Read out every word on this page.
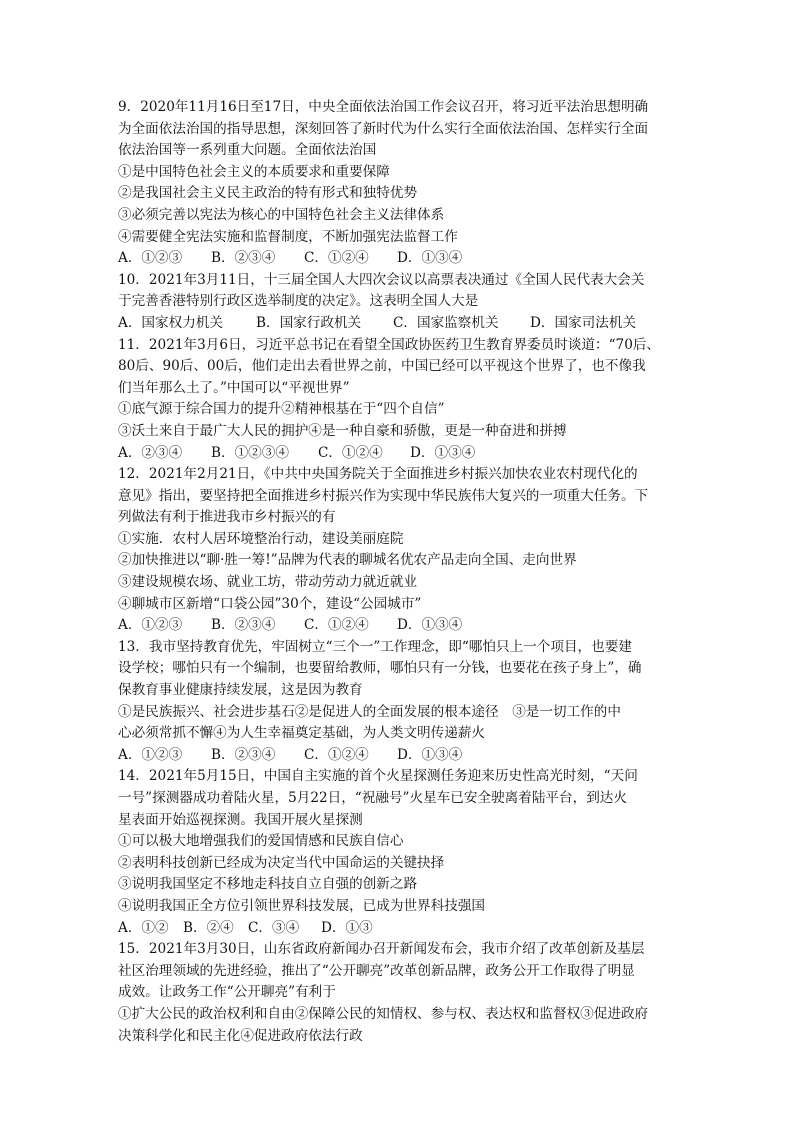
9．2020年11月16日至17日，中央全面依法治国工作会议召开，将习近平法治思想明确
为全面依法治国的指导思想，深刻回答了新时代为什么实行全面依法治国、怎样实行全面
依法治国等一系列重大问题。全面依法治国
①是中国特色社会主义的本质要求和重要保障
②是我国社会主义民主政治的特有形式和独特优势
③必须完善以宪法为核心的中国特色社会主义法律体系
④需要健全宪法实施和监督制度，不断加强宪法监督工作
A．①②③	B．②③④	C．①②④	D．①③④
10．2021年3月11日，十三届全国人大四次会议以高票表决通过《全国人民代表大会关
于完善香港特别行政区选举制度的决定》。这表明全国人大是
A．国家权力机关	B．国家行政机关	C．国家监察机关	D．国家司法机关
11．2021年3月6日，习近平总书记在看望全国政协医药卫生教育界委员时谈道：“70后、
80后、90后、00后，他们走出去看世界之前，中国已经可以平视这个世界了，也不像我
们当年那么土了。”中国可以“平视世界”
①底气源于综合国力的提升②精神根基在于“四个自信”
③沃土来自于最广大人民的拥护④是一种自豪和骄傲，更是一种奋进和拼搏
A．②③④	B．①②③④	C．①②④	D．①③④
12．2021年2月21日，《中共中央国务院关于全面推进乡村振兴加快农业农村现代化的
意见》指出，要坚持把全面推进乡村振兴作为实现中华民族伟大复兴的一项重大任务。下
列做法有利于推进我市乡村振兴的有
①实施．农村人居环境整治行动，建设美丽庭院
②加快推进以“聊·胜一筹!”品牌为代表的聊城名优农产品走向全国、走向世界
③建设规模农场、就业工坊，带动劳动力就近就业
④聊城市区新增“口袋公园”30个，建设“公园城市”
A．①②③	B．②③④	C．①②④	D．①③④
13．我市坚持教育优先，牢固树立“三个一”工作理念，即“哪怕只上一个项目，也要建
设学校；哪怕只有一个编制，也要留给教师，哪怕只有一分钱，也要花在孩子身上”，确
保教育事业健康持续发展，这是因为教育
①是民族振兴、社会进步基石②是促进人的全面发展的根本途径　③是一切工作的中
心必须常抓不懈④为人生幸福奠定基础，为人类文明传递薪火
A．①②③	B．②③④	C．①②④	D．①③④
14．2021年5月15日，中国自主实施的首个火星探测任务迎来历史性高光时刻，“天问
一号”探测器成功着陆火星，5月22日，“祝融号”火星车已安全驶离着陆平台，到达火
星表面开始巡视探测。我国开展火星探测
①可以极大地增强我们的爱国情感和民族自信心
②表明科技创新已经成为决定当代中国命运的关键抉择
③说明我国坚定不移地走科技自立自强的创新之路
④说明我国正全方位引领世界科技发展，已成为世界科技强国
A．①②	B．②④	C．③④	D．①③
15．2021年3月30日，山东省政府新闻办召开新闻发布会，我市介绍了改革创新及基层
社区治理领域的先进经验，推出了“公开聊亮”改革创新品牌，政务公开工作取得了明显
成效。让政务工作“公开聊亮”有利于
①扩大公民的政治权利和自由②保障公民的知情权、参与权、表达权和监督权③促进政府
决策科学化和民主化④促进政府依法行政
